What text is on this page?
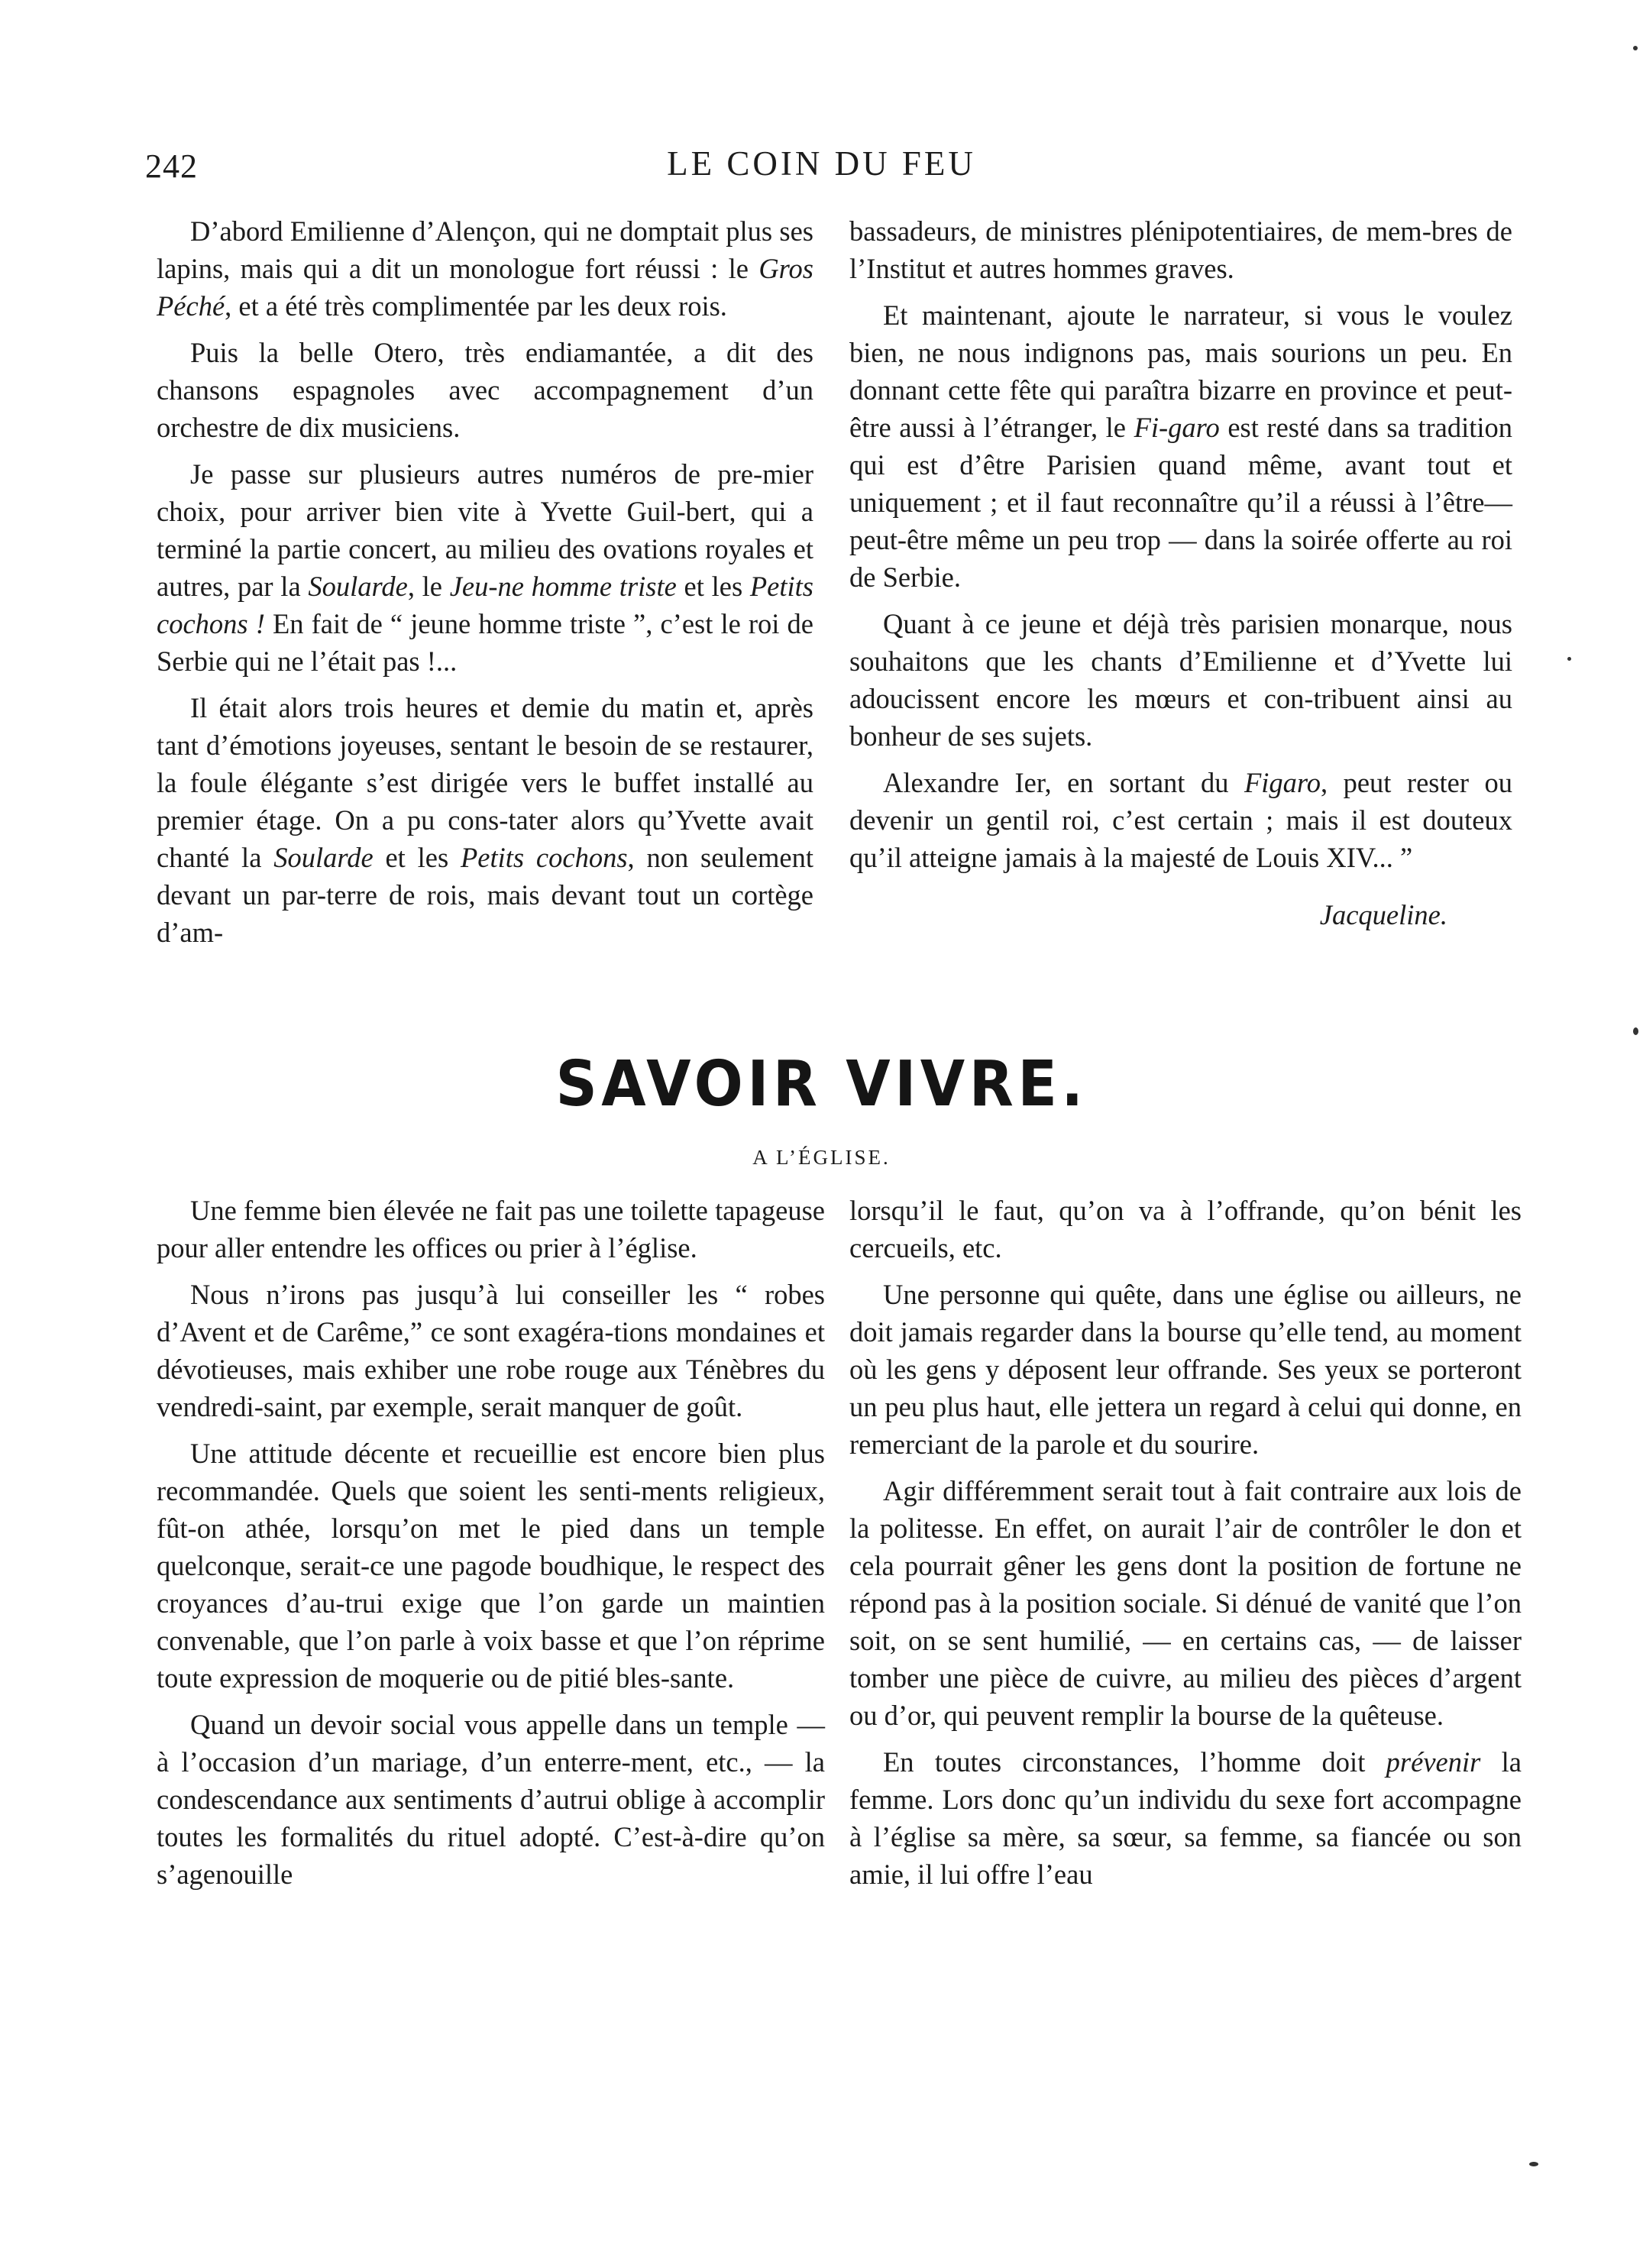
242	LE COIN DU FEU

D’abord Emilienne d’Alençon, qui ne domptait plus ses lapins, mais qui a dit un monologue fort réussi : le Gros Péché, et a été très complimentée par les deux rois.

Puis la belle Otero, très endiamantée, a dit des chansons espagnoles avec accompagnement d’un orchestre de dix musiciens.

Je passe sur plusieurs autres numéros de pre-mier choix, pour arriver bien vite à Yvette Guil-bert, qui a terminé la partie concert, au milieu des ovations royales et autres, par la Soularde, le Jeu-ne homme triste et les Petits cochons ! En fait de “ jeune homme triste ”, c’est le roi de Serbie qui ne l’était pas !...

Il était alors trois heures et demie du matin et, après tant d’émotions joyeuses, sentant le besoin de se restaurer, la foule élégante s’est dirigée vers le buffet installé au premier étage. On a pu cons-tater alors qu’Yvette avait chanté la Soularde et les Petits cochons, non seulement devant un par-terre de rois, mais devant tout un cortège d’am-

bassadeurs, de ministres plénipotentiaires, de mem-bres de l’Institut et autres hommes graves.

Et maintenant, ajoute le narrateur, si vous le voulez bien, ne nous indignons pas, mais sourions un peu. En donnant cette fête qui paraîtra bizarre en province et peut-être aussi à l’étranger, le Fi-garo est resté dans sa tradition qui est d’être Parisien quand même, avant tout et uniquement ; et il faut reconnaître qu’il a réussi à l’être— peut-être même un peu trop — dans la soirée offerte au roi de Serbie.

Quant à ce jeune et déjà très parisien monarque, nous souhaitons que les chants d’Emilienne et d’Yvette lui adoucissent encore les mœurs et con-tribuent ainsi au bonheur de ses sujets.

Alexandre Ier, en sortant du Figaro, peut rester ou devenir un gentil roi, c’est certain ; mais il est douteux qu’il atteigne jamais à la majesté de Louis XIV... ”

Jacqueline.

SAVOIR VIVRE.
A L’ÉGLISE.

Une femme bien élevée ne fait pas une toilette tapageuse pour aller entendre les offices ou prier à l’église.

Nous n’irons pas jusqu’à lui conseiller les “ robes d’Avent et de Carême,” ce sont exagéra-tions mondaines et dévotieuses, mais exhiber une robe rouge aux Ténèbres du vendredi-saint, par exemple, serait manquer de goût.

Une attitude décente et recueillie est encore bien plus recommandée. Quels que soient les senti-ments religieux, fût-on athée, lorsqu’on met le pied dans un temple quelconque, serait-ce une pagode boudhique, le respect des croyances d’au-trui exige que l’on garde un maintien convenable, que l’on parle à voix basse et que l’on réprime toute expression de moquerie ou de pitié bles-sante.

Quand un devoir social vous appelle dans un temple — à l’occasion d’un mariage, d’un enterre-ment, etc., — la condescendance aux sentiments d’autrui oblige à accomplir toutes les formalités du rituel adopté. C’est-à-dire qu’on s’agenouille

lorsqu’il le faut, qu’on va à l’offrande, qu’on bénit les cercueils, etc.

Une personne qui quête, dans une église ou ailleurs, ne doit jamais regarder dans la bourse qu’elle tend, au moment où les gens y déposent leur offrande. Ses yeux se porteront un peu plus haut, elle jettera un regard à celui qui donne, en remerciant de la parole et du sourire.

Agir différemment serait tout à fait contraire aux lois de la politesse. En effet, on aurait l’air de contrôler le don et cela pourrait gêner les gens dont la position de fortune ne répond pas à la position sociale. Si dénué de vanité que l’on soit, on se sent humilié, — en certains cas, — de laisser tomber une pièce de cuivre, au milieu des pièces d’argent ou d’or, qui peuvent remplir la bourse de la quêteuse.

En toutes circonstances, l’homme doit prévenir la femme. Lors donc qu’un individu du sexe fort accompagne à l’église sa mère, sa sœur, sa femme, sa fiancée ou son amie, il lui offre l’eau
